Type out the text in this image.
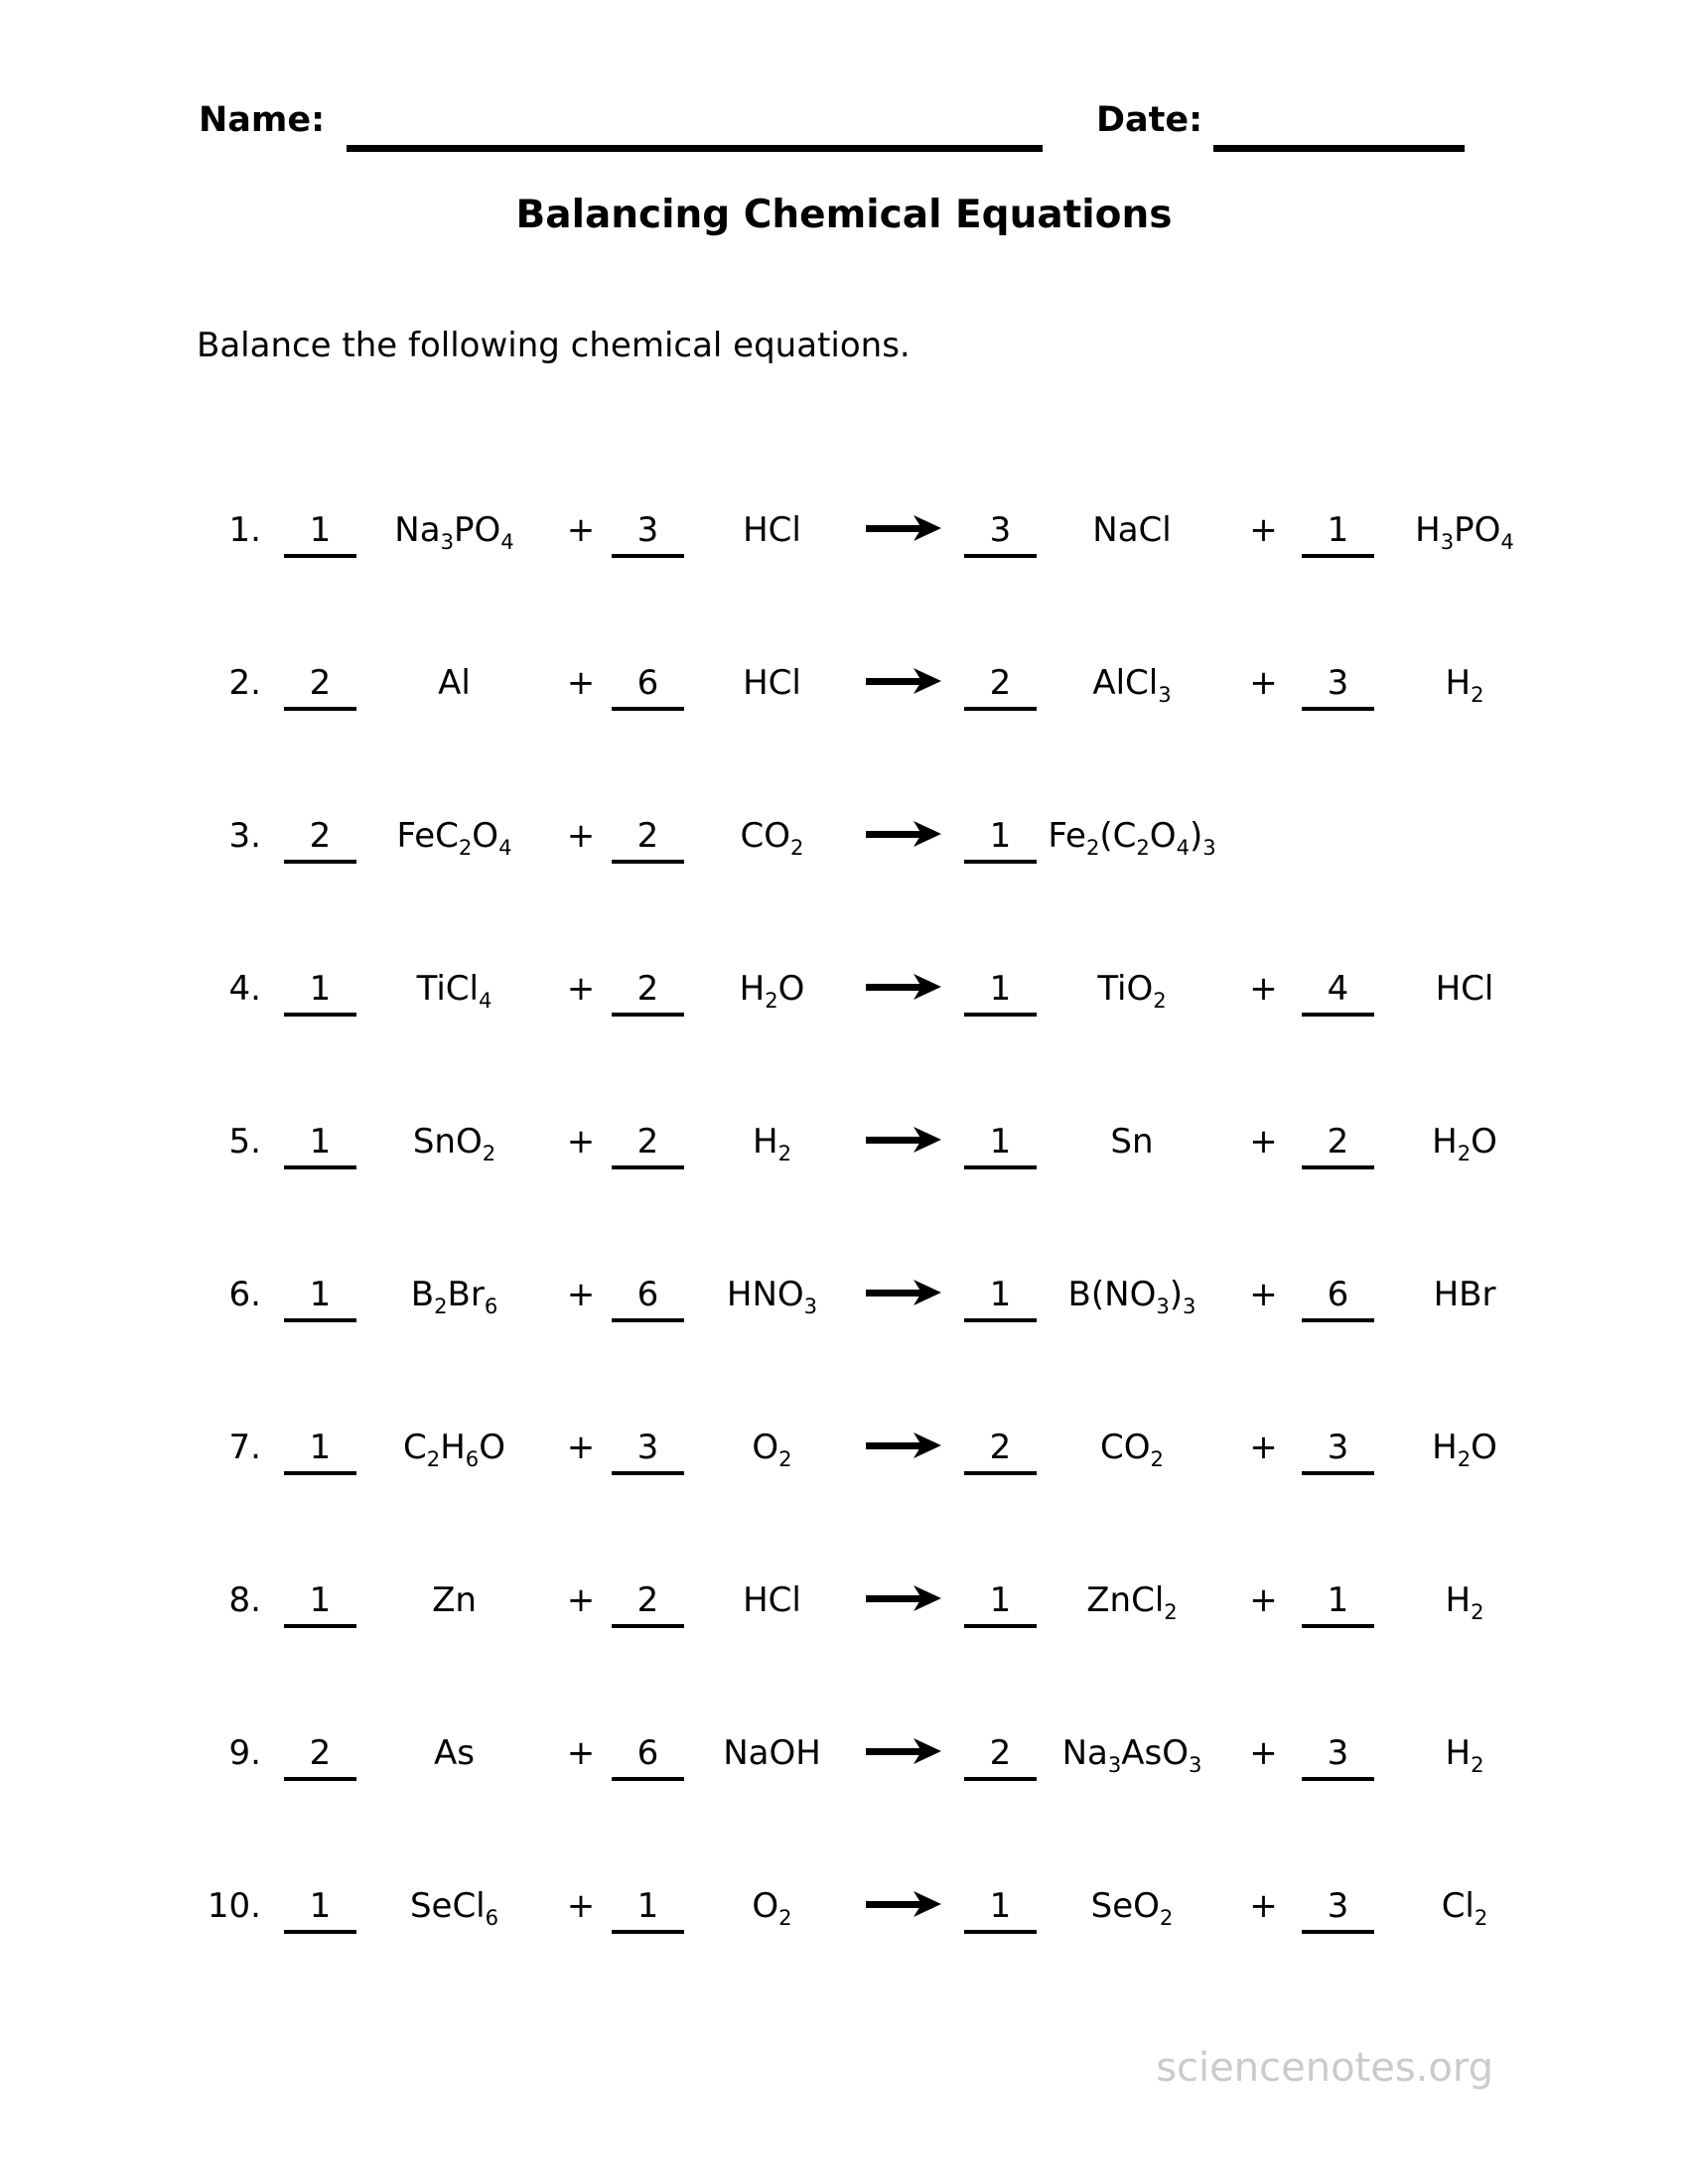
Name:	Date:
Balancing Chemical Equations
Balance the following chemical equations.
1.	1	$Na_3PO_4$	+	3	HCl	→	3	NaCl	+	1	$H_3PO_4$
2.	2	Al	+	6	HCl	→	2	AlCl$_3$	+	3	$H_2$
3.	2	$FeC_2O_4$	+	2	$CO_2$	→	1	$Fe_2(C_2O_4)_3$
4.	1	TiCl$_4$	+	2	$H_2O$	→	1	TiO$_2$	+	4	HCl
5.	1	SnO$_2$	+	2	$H_2$	→	1	Sn	+	2	$H_2O$
6.	1	$B_2Br_6$	+	6	$HNO_3$	→	1	$B(NO_3)_3$	+	6	HBr
7.	1	$C_2H_6O$	+	3	$O_2$	→	2	$CO_2$	+	3	$H_2O$
8.	1	Zn	+	2	HCl	→	1	ZnCl$_2$	+	1	$H_2$
9.	2	As	+	6	NaOH	→	2	$Na_3AsO_3$	+	3	$H_2$
10.	1	SeCl$_6$	+	1	$O_2$	→	1	SeO$_2$	+	3	$Cl_2$
sciencenotes.org
